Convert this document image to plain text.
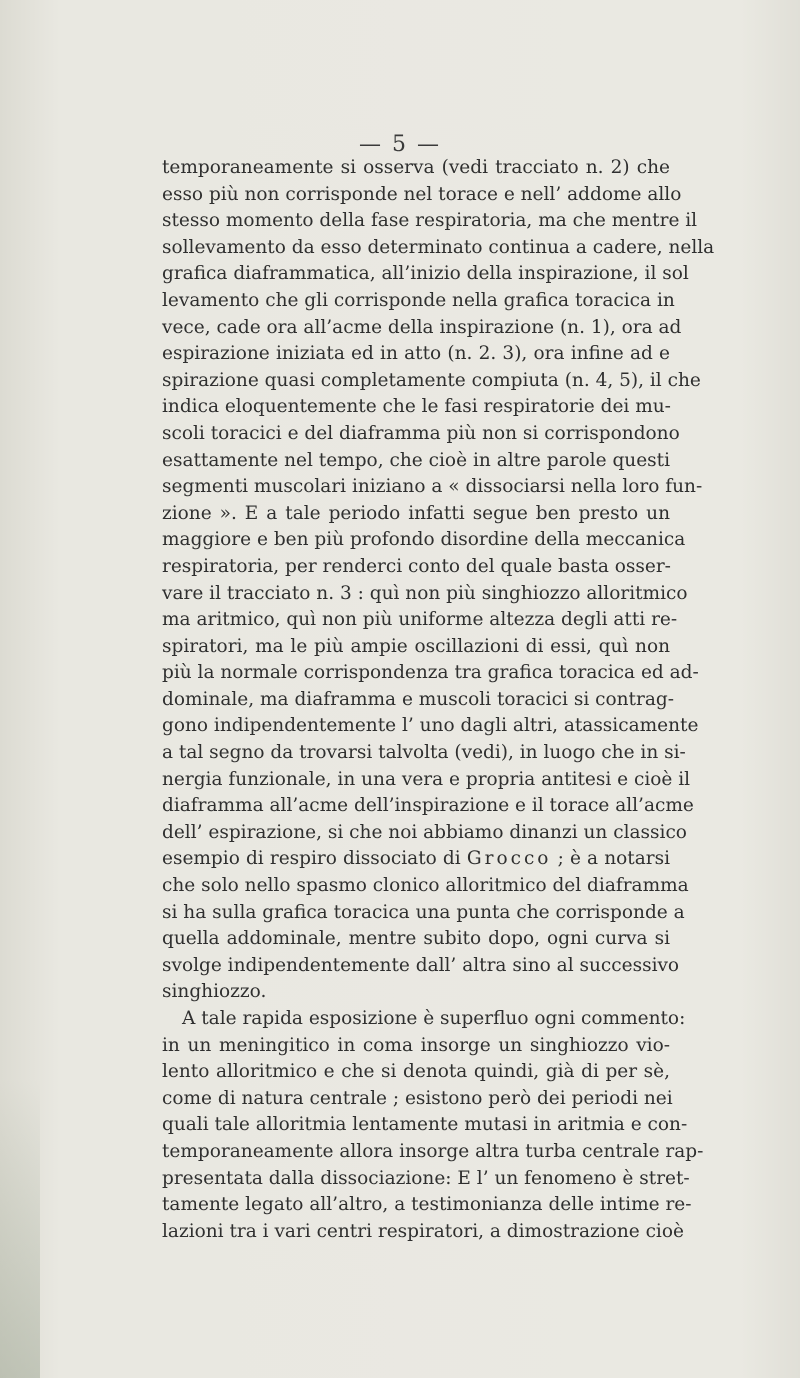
— 5 —
temporaneamente si osserva (vedi tracciato n. 2) che
esso più non corrisponde nel torace e nell’ addome allo
stesso momento della fase respiratoria, ma che mentre il
sollevamento da esso determinato continua a cadere, nella
grafica diaframmatica, all’inizio della inspirazione, il sol
levamento che gli corrisponde nella grafica toracica in
vece, cade ora all’acme della inspirazione (n. 1), ora ad
espirazione iniziata ed in atto (n. 2. 3), ora infine ad e
spirazione quasi completamente compiuta (n. 4, 5), il che
indica eloquentemente che le fasi respiratorie dei mu-
scoli toracici e del diaframma più non si corrispondono
esattamente nel tempo, che cioè in altre parole questi
segmenti muscolari iniziano a « dissociarsi nella loro fun-
zione ». E a tale periodo infatti segue ben presto un
maggiore e ben più profondo disordine della meccanica
respiratoria, per renderci conto del quale basta osser-
vare il tracciato n. 3 : quì non più singhiozzo alloritmico
ma aritmico, quì non più uniforme altezza degli atti re-
spiratori, ma le più ampie oscillazioni di essi, quì non
più la normale corrispondenza tra grafica toracica ed ad-
dominale, ma diaframma e muscoli toracici si contrag-
gono indipendentemente l’ uno dagli altri, atassicamente
a tal segno da trovarsi talvolta (vedi), in luogo che in si-
nergia funzionale, in una vera e propria antitesi e cioè il
diaframma all’acme dell’inspirazione e il torace all’acme
dell’ espirazione, si che noi abbiamo dinanzi un classico
esempio di respiro dissociato di Grocco ; è a notarsi
che solo nello spasmo clonico alloritmico del diaframma
si ha sulla grafica toracica una punta che corrisponde a
quella addominale, mentre subito dopo, ogni curva si
svolge indipendentemente dall’ altra sino al successivo
singhiozzo.
A tale rapida esposizione è superfluo ogni commento:
in un meningitico in coma insorge un singhiozzo vio-
lento alloritmico e che si denota quindi, già di per sè,
come di natura centrale ; esistono però dei periodi nei
quali tale alloritmia lentamente mutasi in aritmia e con-
temporaneamente allora insorge altra turba centrale rap-
presentata dalla dissociazione: E l’ un fenomeno è stret-
tamente legato all’altro, a testimonianza delle intime re-
lazioni tra i vari centri respiratori, a dimostrazione cioè
